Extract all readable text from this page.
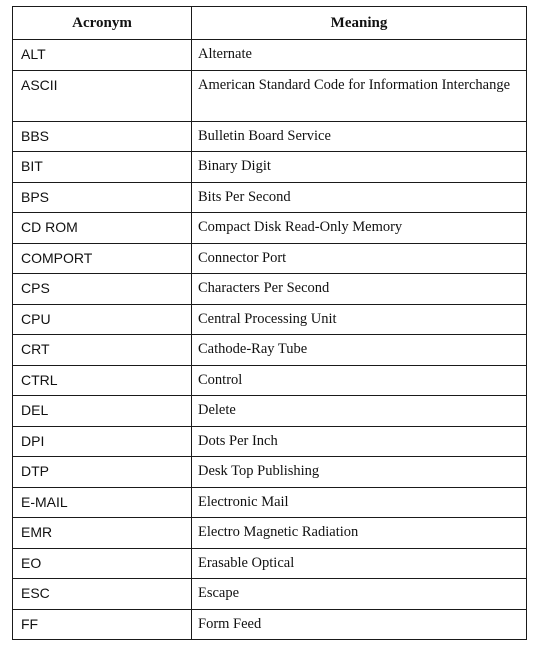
Acronym	Meaning
ALT	Alternate
ASCII	American Standard Code for Information Interchange
BBS	Bulletin Board Service
BIT	Binary Digit
BPS	Bits Per Second
CD ROM	Compact Disk Read-Only Memory
COMPORT	Connector Port
CPS	Characters Per Second
CPU	Central Processing Unit
CRT	Cathode-Ray Tube
CTRL	Control
DEL	Delete
DPI	Dots Per Inch
DTP	Desk Top Publishing
E-MAIL	Electronic Mail
EMR	Electro Magnetic Radiation
EO	Erasable Optical
ESC	Escape
FF	Form Feed
